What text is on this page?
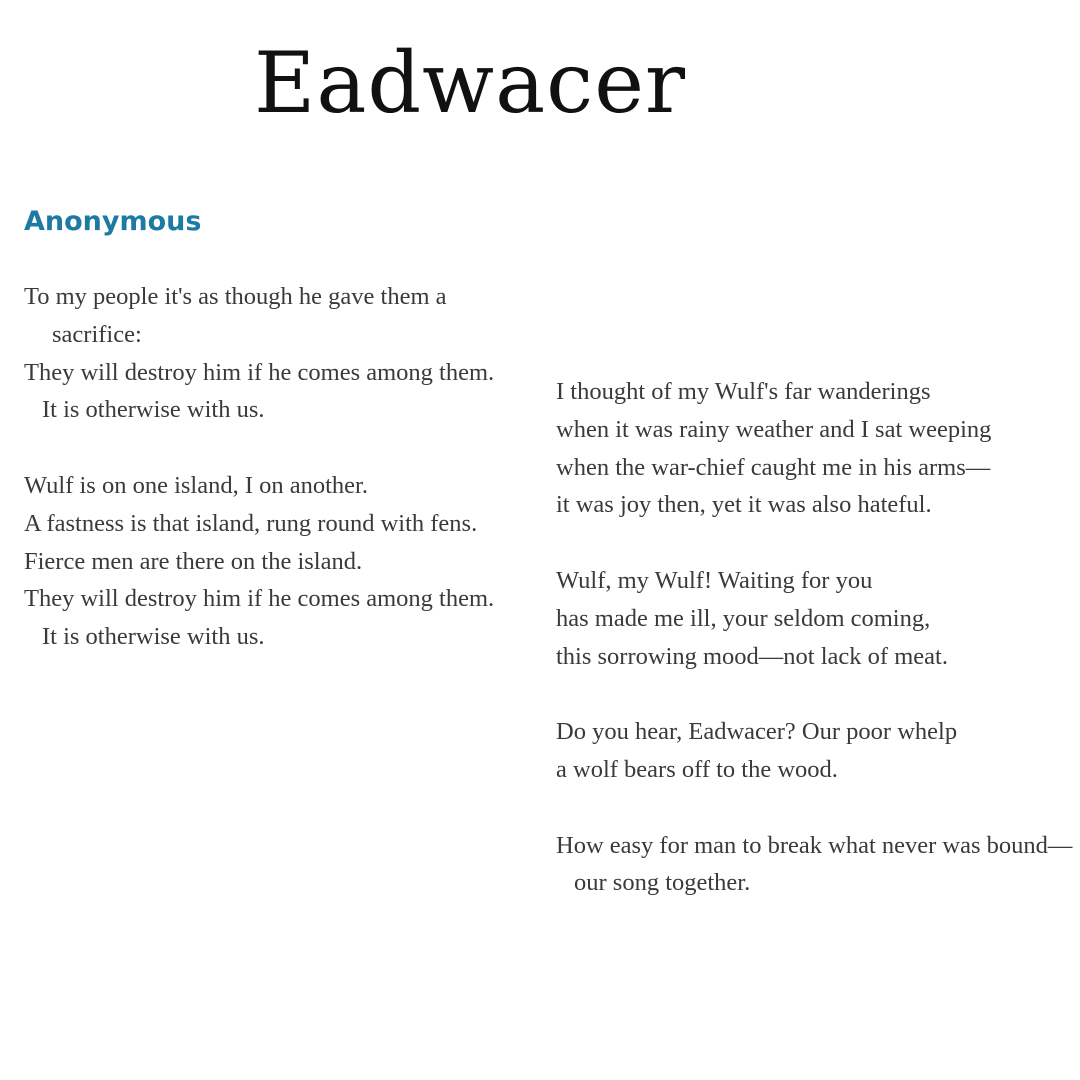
Eadwacer
Anonymous

To my people it's as though he gave them a sacrifice:
They will destroy him if he comes among them.
It is otherwise with us.

Wulf is on one island, I on another.
A fastness is that island, rung round with fens.
Fierce men are there on the island.
They will destroy him if he comes among them.
It is otherwise with us.

I thought of my Wulf's far wanderings
when it was rainy weather and I sat weeping
when the war-chief caught me in his arms—
it was joy then, yet it was also hateful.

Wulf, my Wulf! Waiting for you
has made me ill, your seldom coming,
this sorrowing mood—not lack of meat.

Do you hear, Eadwacer? Our poor whelp
a wolf bears off to the wood.

How easy for man to break what never was bound—
our song together.
